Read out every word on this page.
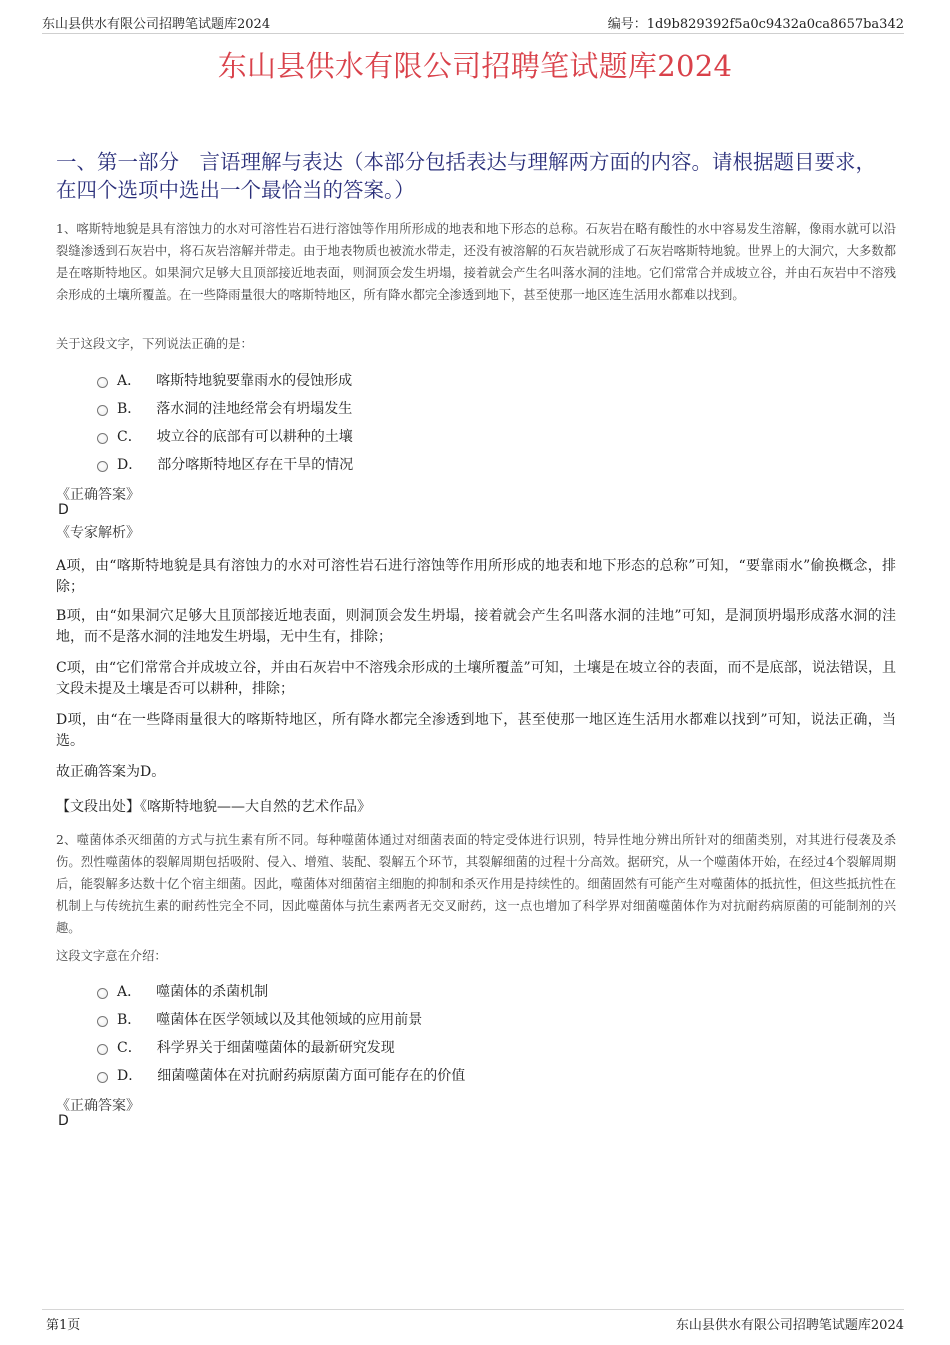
东山县供水有限公司招聘笔试题库2024	编号：1d9b829392f5a0c9432a0ca8657ba342
东山县供水有限公司招聘笔试题库2024
一、第一部分　言语理解与表达（本部分包括表达与理解两方面的内容。请根据题目要求，在四个选项中选出一个最恰当的答案。）
1、喀斯特地貌是具有溶蚀力的水对可溶性岩石进行溶蚀等作用所形成的地表和地下形态的总称。石灰岩在略有酸性的水中容易发生溶解，像雨水就可以沿裂缝渗透到石灰岩中，将石灰岩溶解并带走。由于地表物质也被流水带走，还没有被溶解的石灰岩就形成了石灰岩喀斯特地貌。世界上的大洞穴，大多数都是在喀斯特地区。如果洞穴足够大且顶部接近地表面，则洞顶会发生坍塌，接着就会产生名叫落水洞的洼地。它们常常合并成坡立谷，并由石灰岩中不溶残余形成的土壤所覆盖。在一些降雨量很大的喀斯特地区，所有降水都完全渗透到地下，甚至使那一地区连生活用水都难以找到。
关于这段文字，下列说法正确的是：
A． 喀斯特地貌要靠雨水的侵蚀形成
B． 落水洞的洼地经常会有坍塌发生
C． 坡立谷的底部有可以耕种的土壤
D． 部分喀斯特地区存在干旱的情况
《正确答案》
D
《专家解析》
A项，由“喀斯特地貌是具有溶蚀力的水对可溶性岩石进行溶蚀等作用所形成的地表和地下形态的总称”可知，“要靠雨水”偷换概念，排除；
B项，由“如果洞穴足够大且顶部接近地表面，则洞顶会发生坍塌，接着就会产生名叫落水洞的洼地”可知，是洞顶坍塌形成落水洞的洼地，而不是落水洞的洼地发生坍塌，无中生有，排除；
C项，由“它们常常合并成坡立谷，并由石灰岩中不溶残余形成的土壤所覆盖”可知，土壤是在坡立谷的表面，而不是底部，说法错误，且文段未提及土壤是否可以耕种，排除；
D项，由“在一些降雨量很大的喀斯特地区，所有降水都完全渗透到地下，甚至使那一地区连生活用水都难以找到”可知，说法正确，当选。
故正确答案为D。
【文段出处】《喀斯特地貌——大自然的艺术作品》
2、噬菌体杀灭细菌的方式与抗生素有所不同。每种噬菌体通过对细菌表面的特定受体进行识别，特异性地分辨出所针对的细菌类别，对其进行侵袭及杀伤。烈性噬菌体的裂解周期包括吸附、侵入、增殖、装配、裂解五个环节，其裂解细菌的过程十分高效。据研究，从一个噬菌体开始，在经过4个裂解周期后，能裂解多达数十亿个宿主细菌。因此，噬菌体对细菌宿主细胞的抑制和杀灭作用是持续性的。细菌固然有可能产生对噬菌体的抵抗性，但这些抵抗性在机制上与传统抗生素的耐药性完全不同，因此噬菌体与抗生素两者无交叉耐药，这一点也增加了科学界对细菌噬菌体作为对抗耐药病原菌的可能制剂的兴趣。
这段文字意在介绍：
A． 噬菌体的杀菌机制
B． 噬菌体在医学领域以及其他领域的应用前景
C． 科学界关于细菌噬菌体的最新研究发现
D． 细菌噬菌体在对抗耐药病原菌方面可能存在的价值
《正确答案》
D
第1页	东山县供水有限公司招聘笔试题库2024
